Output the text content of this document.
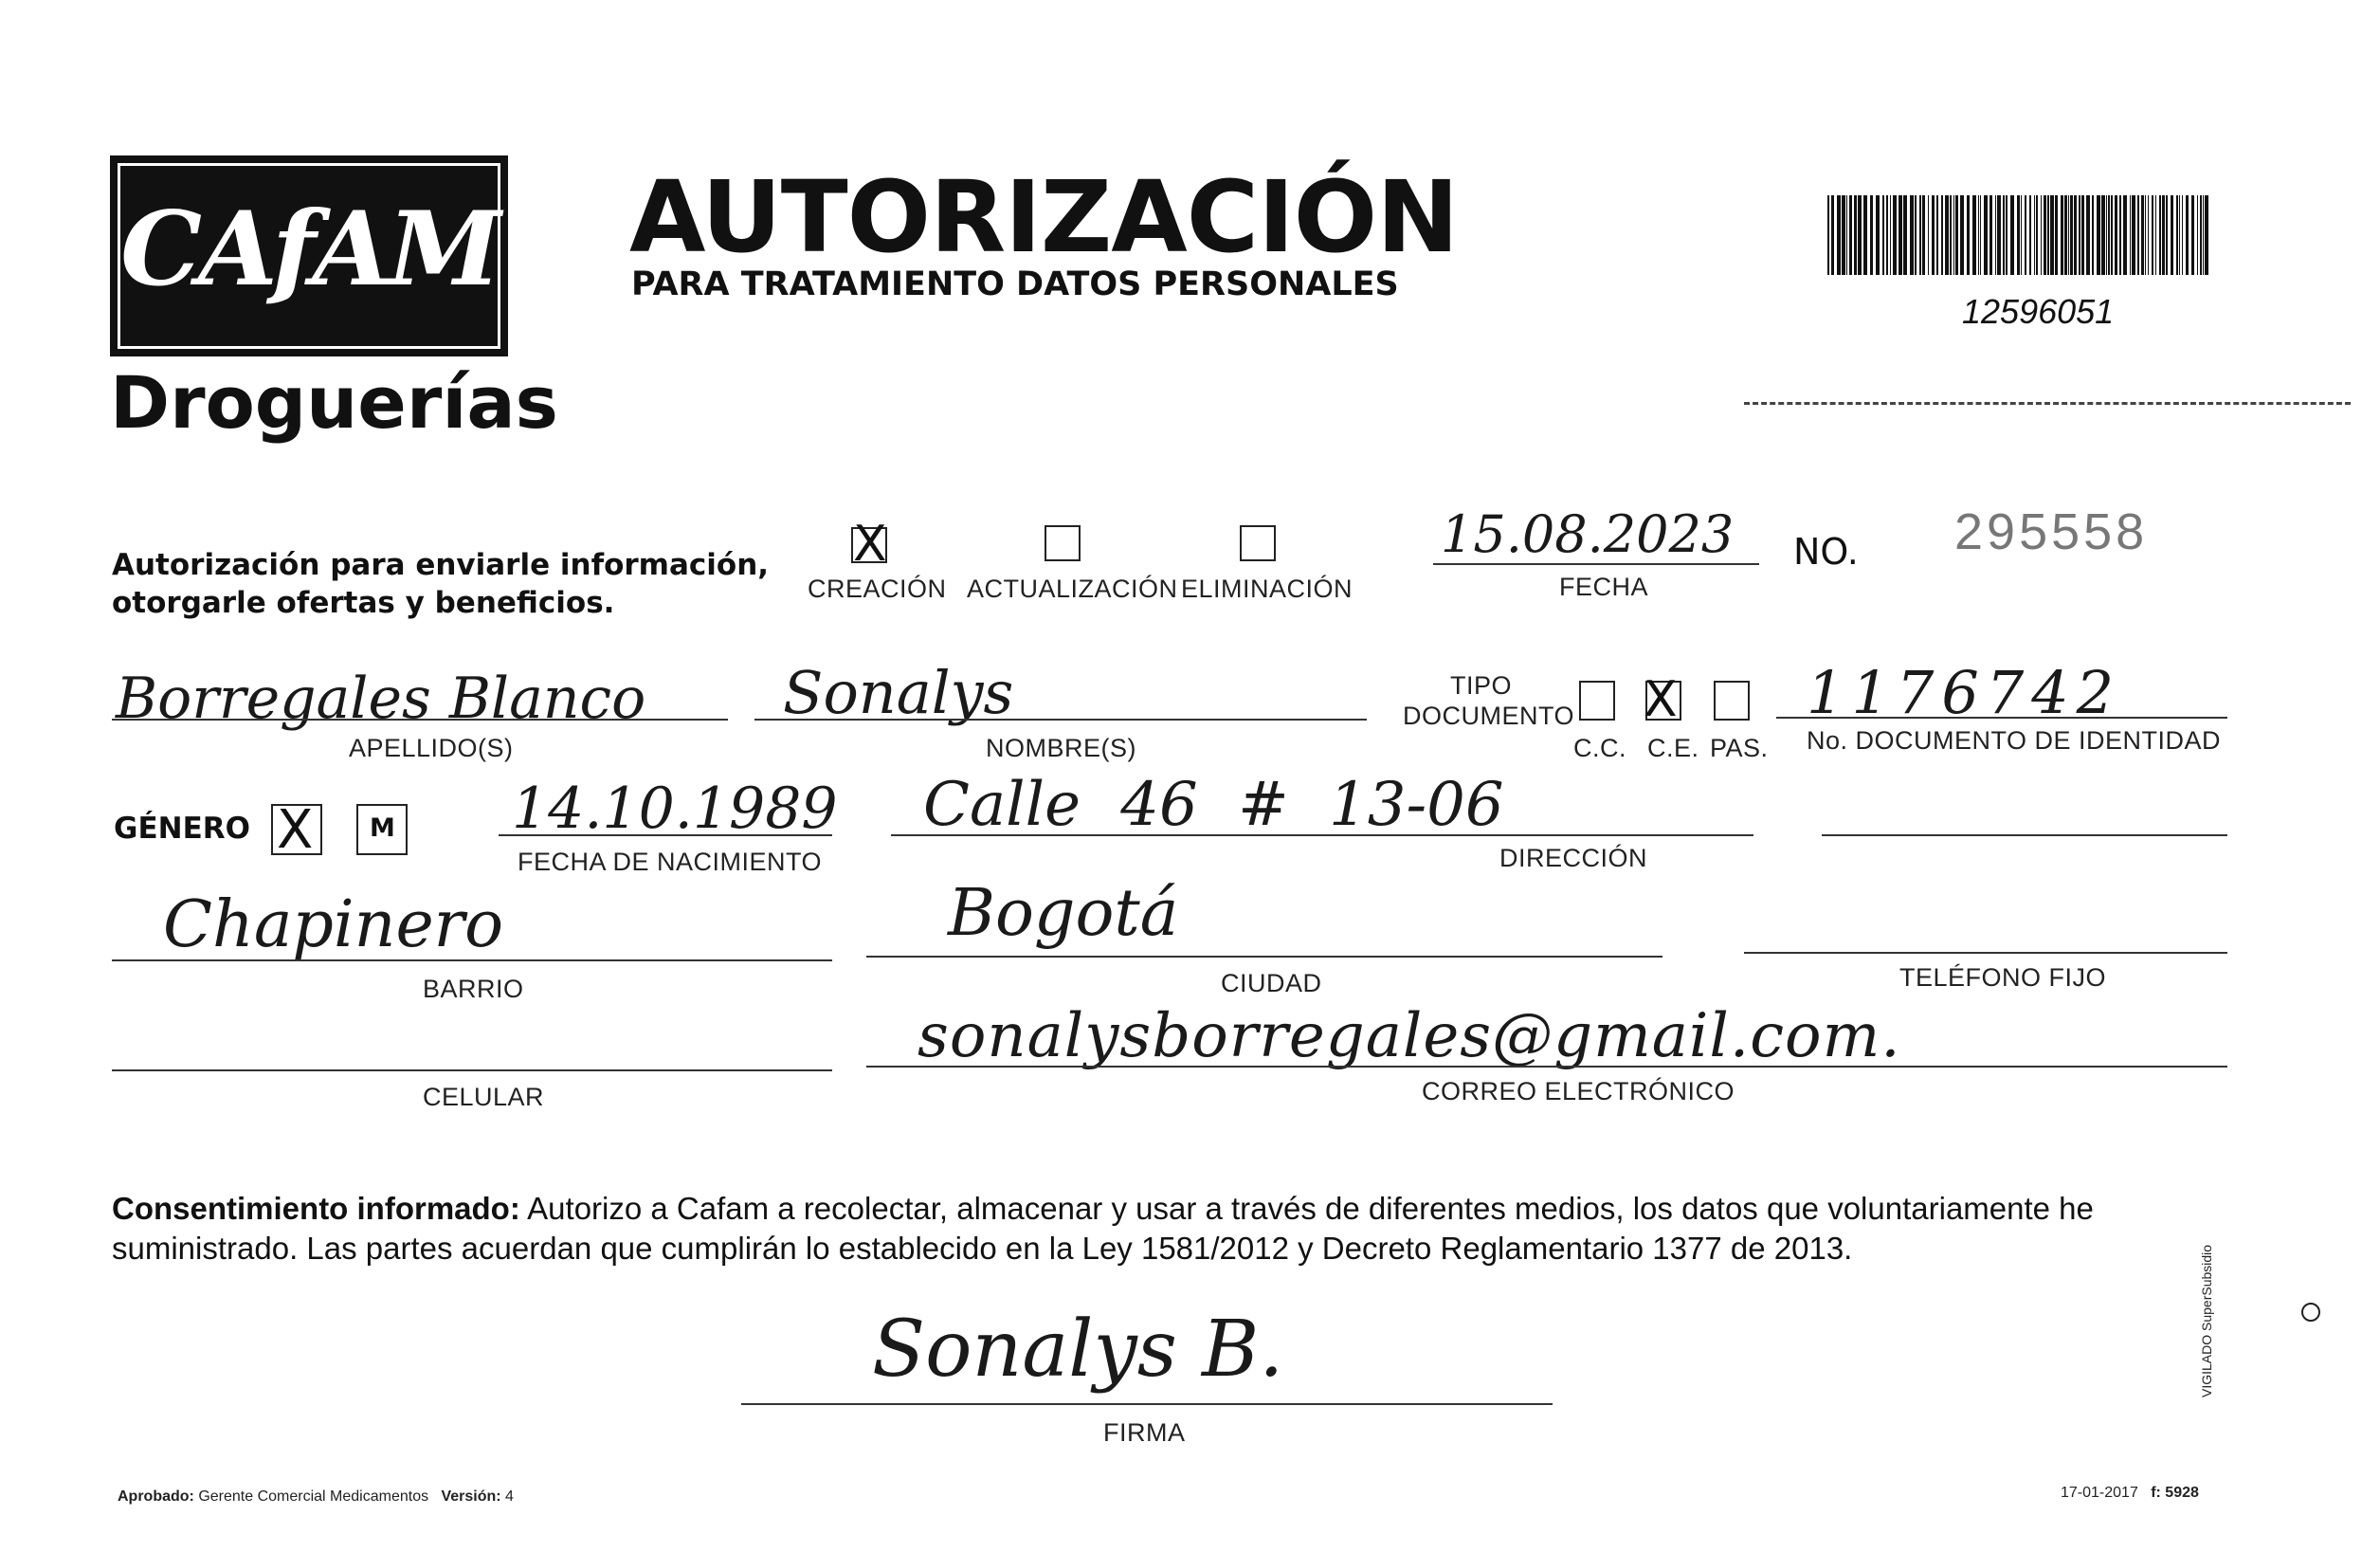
CAfAM
Droguerías
AUTORIZACIÓN
PARA TRATAMIENTO DATOS PERSONALES
12596051
Autorización para enviarle información,
otorgarle ofertas y beneficios.
X
CREACIÓN ACTUALIZACIÓN ELIMINACIÓN
15.08.2023
FECHA
NO. 295558
Borregales Blanco
APELLIDO(S)
Sonalys
NOMBRE(S)
TIPO
DOCUMENTO
C.C.
X
C.E. PAS.
1176742
No. DOCUMENTO DE IDENTIDAD
GÉNERO X M 14.10.1989
FECHA DE NACIMIENTO
Calle 46 # 13-06
DIRECCIÓN
Chapinero
BARRIO
Bogotá
CIUDAD	TELÉFONO FIJO
CELULAR
sonalysborregales@gmail.com.
CORREO ELECTRÓNICO
Consentimiento informado: Autorizo a Cafam a recolectar, almacenar y usar a través de diferentes medios, los datos que voluntariamente he
suministrado. Las partes acuerdan que cumplirán lo establecido en la Ley 1581/2012 y Decreto Reglamentario 1377 de 2013.
Sonalys B.
FIRMA
Aprobado: Gerente Comercial Medicamentos Versión: 4	17-01-2017 f: 5928
VIGILADO SuperSubsidio
